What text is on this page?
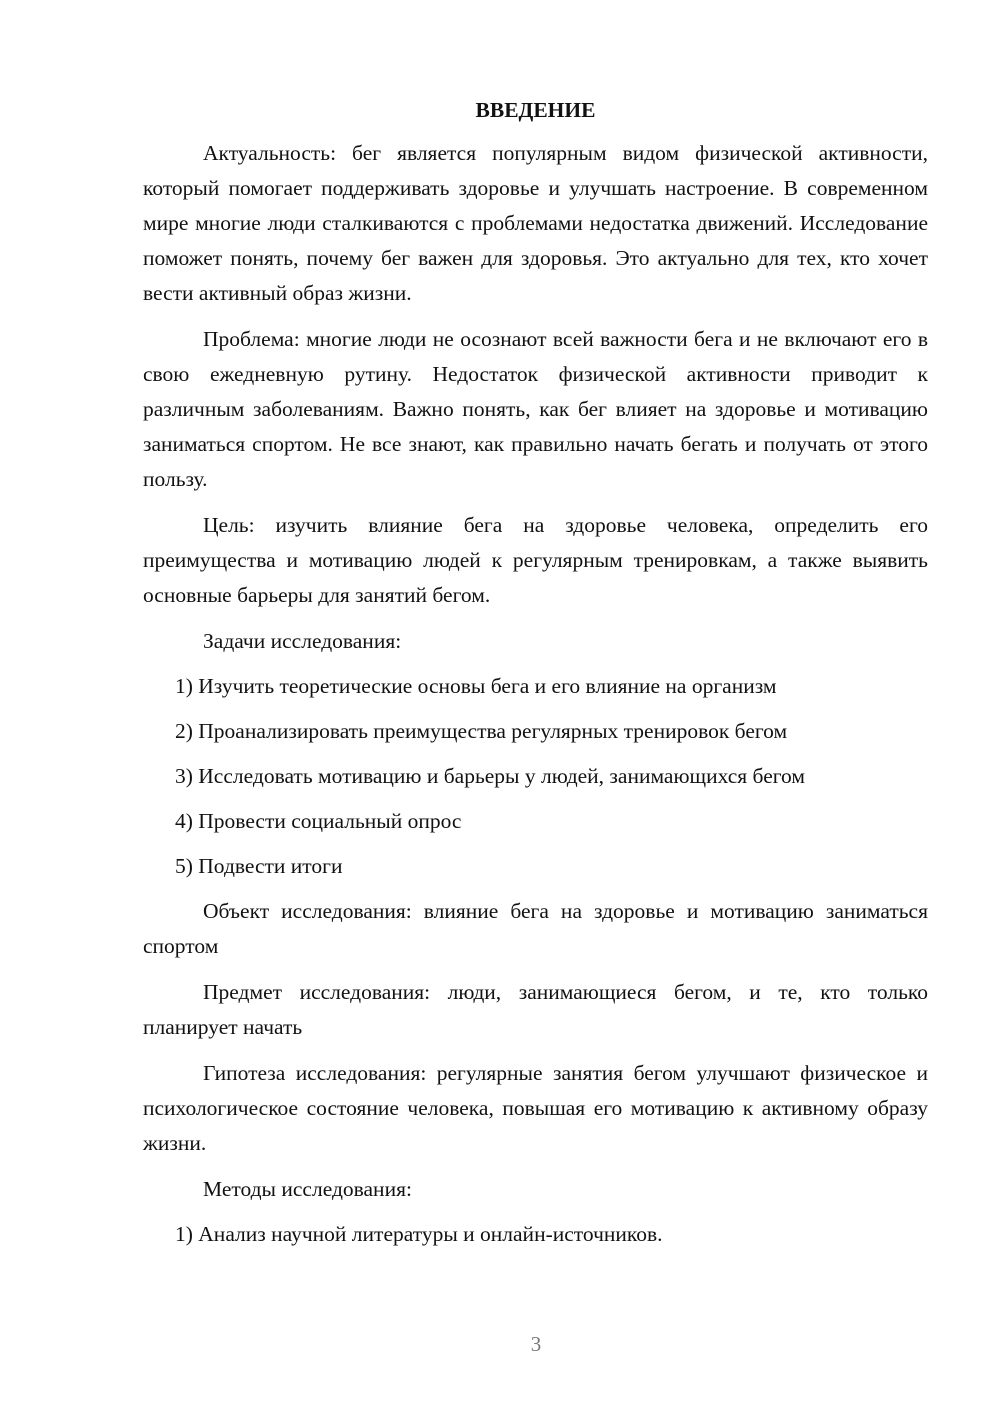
ВВЕДЕНИЕ

Актуальность: бег является популярным видом физической активности, который помогает поддерживать здоровье и улучшать настроение. В современном мире многие люди сталкиваются с проблемами недостатка движений. Исследование поможет понять, почему бег важен для здоровья. Это актуально для тех, кто хочет вести активный образ жизни.

Проблема: многие люди не осознают всей важности бега и не включают его в свою ежедневную рутину. Недостаток физической активности приводит к различным заболеваниям. Важно понять, как бег влияет на здоровье и мотивацию заниматься спортом. Не все знают, как правильно начать бегать и получать от этого пользу.

Цель: изучить влияние бега на здоровье человека, определить его преимущества и мотивацию людей к регулярным тренировкам, а также выявить основные барьеры для занятий бегом.

Задачи исследования:

1) Изучить теоретические основы бега и его влияние на организм
2) Проанализировать преимущества регулярных тренировок бегом
3) Исследовать мотивацию и барьеры у людей, занимающихся бегом
4) Провести социальный опрос
5) Подвести итоги

Объект исследования: влияние бега на здоровье и мотивацию заниматься спортом

Предмет исследования: люди, занимающиеся бегом, и те, кто только планирует начать

Гипотеза исследования: регулярные занятия бегом улучшают физическое и психологическое состояние человека, повышая его мотивацию к активному образу жизни.

Методы исследования:

1) Анализ научной литературы и онлайн-источников.
3
